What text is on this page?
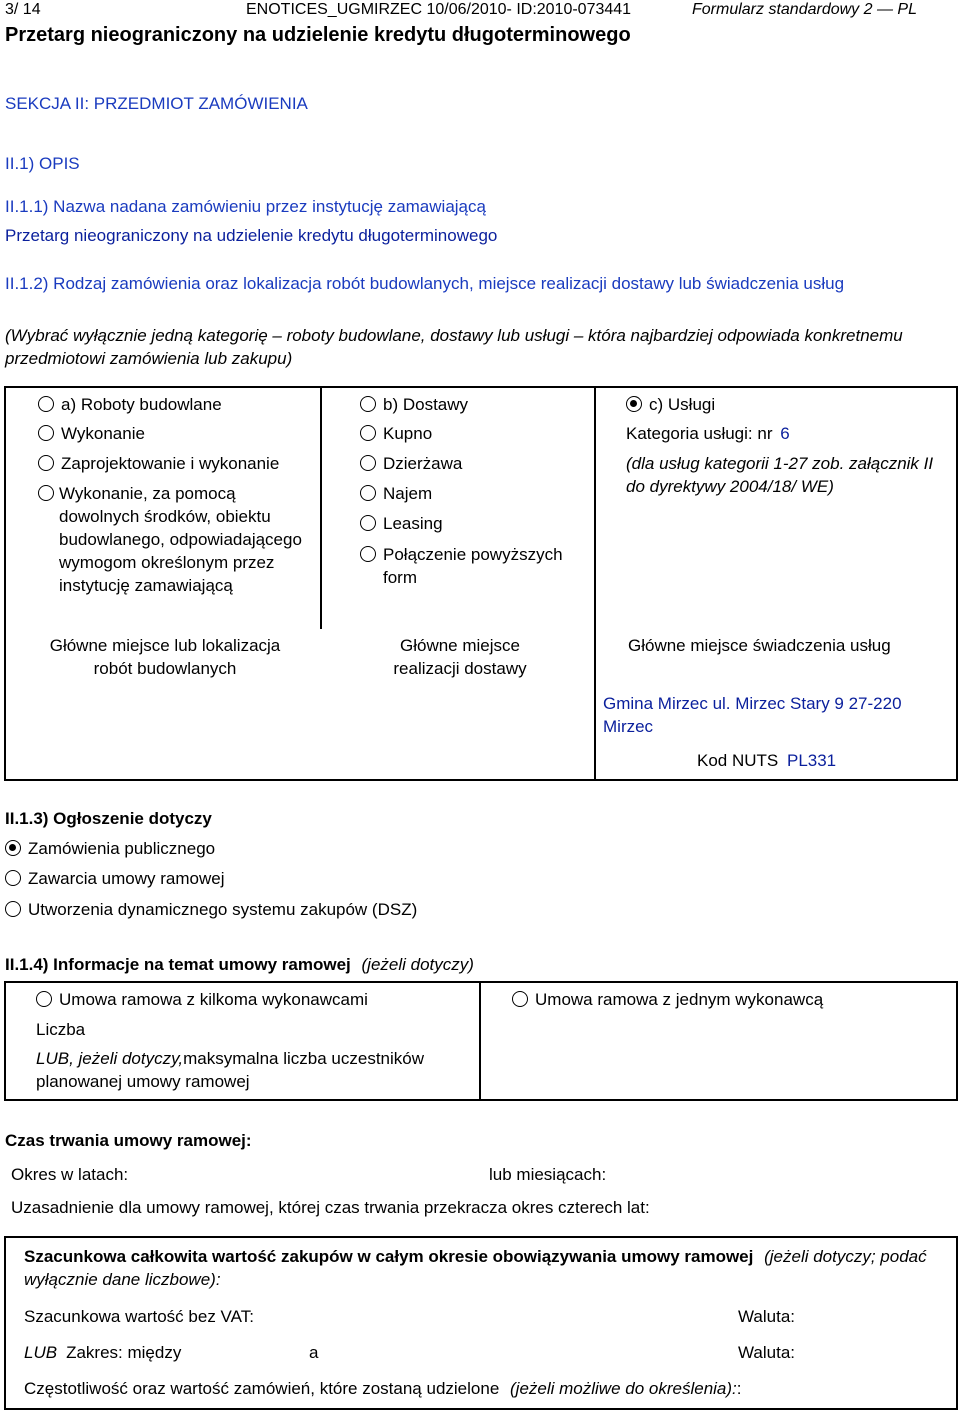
3/ 14	ENOTICES_UGMIRZEC 10/06/2010- ID:2010-073441	Formularz standardowy 2 — PL
Przetarg nieograniczony na udzielenie kredytu długoterminowego
SEKCJA II: PRZEDMIOT ZAMÓWIENIA
II.1) OPIS
II.1.1) Nazwa nadana zamówieniu przez instytucję zamawiającą
Przetarg nieograniczony na udzielenie kredytu długoterminowego
II.1.2) Rodzaj zamówienia oraz lokalizacja robót budowlanych, miejsce realizacji dostawy lub świadczenia usług
(Wybrać wyłącznie jedną kategorię – roboty budowlane, dostawy lub usługi – która najbardziej odpowiada konkretnemu przedmiotowi zamówienia lub zakupu)
a) Roboty budowlane
Wykonanie
Zaprojektowanie i wykonanie
Wykonanie, za pomocą dowolnych środków, obiektu budowlanego, odpowiadającego wymogom określonym przez instytucję zamawiającą
Główne miejsce lub lokalizacja robót budowlanych
b) Dostawy
Kupno
Dzierżawa
Najem
Leasing
Połączenie powyższych form
Główne miejsce realizacji dostawy
c) Usługi
Kategoria usługi: nr 6
(dla usług kategorii 1-27 zob. załącznik II do dyrektywy 2004/18/ WE)
Główne miejsce świadczenia usług
Gmina Mirzec ul. Mirzec Stary 9 27-220 Mirzec
Kod NUTS PL331
II.1.3) Ogłoszenie dotyczy
Zamówienia publicznego
Zawarcia umowy ramowej
Utworzenia dynamicznego systemu zakupów (DSZ)
II.1.4) Informacje na temat umowy ramowej (jeżeli dotyczy)
Umowa ramowa z kilkoma wykonawcami
Liczba
LUB, jeżeli dotyczy,maksymalna liczba uczestników planowanej umowy ramowej
Umowa ramowa z jednym wykonawcą
Czas trwania umowy ramowej:
Okres w latach:	lub miesiącach:
Uzasadnienie dla umowy ramowej, której czas trwania przekracza okres czterech lat:
Szacunkowa całkowita wartość zakupów w całym okresie obowiązywania umowy ramowej (jeżeli dotyczy; podać wyłącznie dane liczbowe):
Szacunkowa wartość bez VAT:	Waluta:
LUB Zakres: między	a	Waluta:
Częstotliwość oraz wartość zamówień, które zostaną udzielone (jeżeli możliwe do określenia)::
